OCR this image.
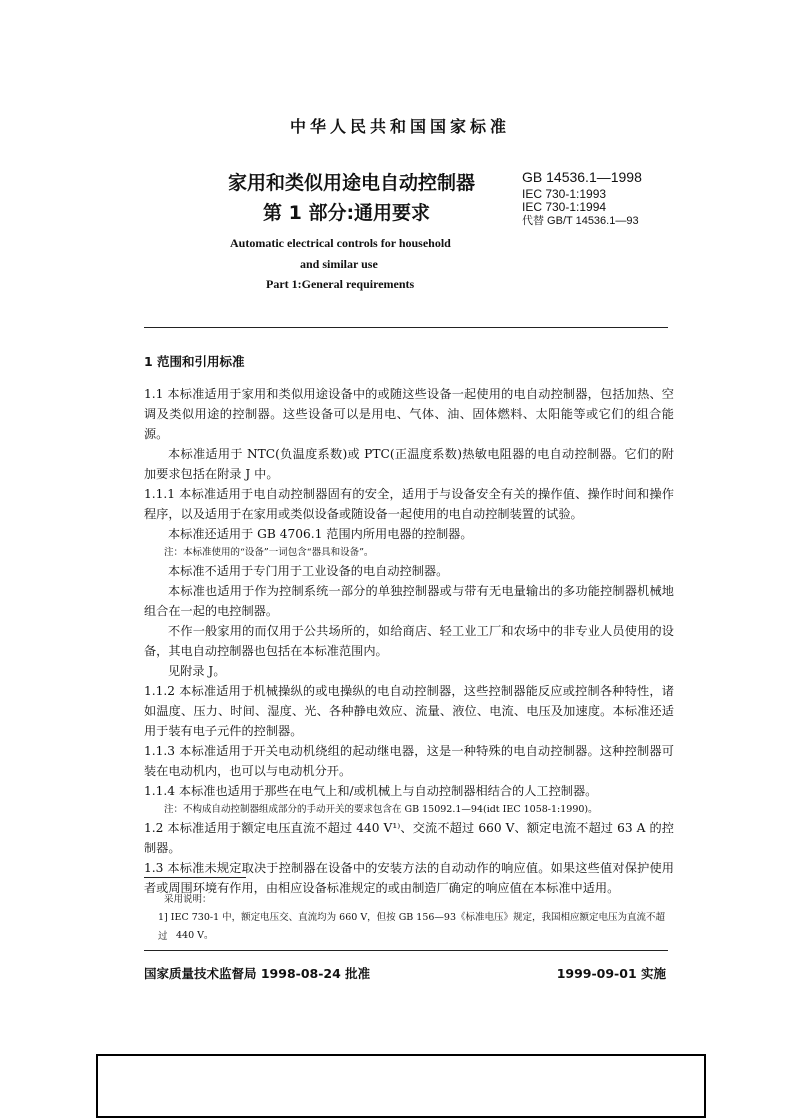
中华人民共和国国家标准
家用和类似用途电自动控制器
第 1 部分:通用要求
GB 14536.1—1998
IEC 730-1:1993
IEC 730-1:1994
代替 GB/T 14536.1—93
Automatic electrical controls for household
and similar use
Part 1:General requirements

1 范围和引用标准

1.1 本标准适用于家用和类似用途设备中的或随这些设备一起使用的电自动控制器，包括加热、空调及类似用途的控制器。这些设备可以是用电、气体、油、固体燃料、太阳能等或它们的组合能源。

本标准适用于 NTC(负温度系数)或 PTC(正温度系数)热敏电阻器的电自动控制器。它们的附加要求包括在附录 J 中。

1.1.1 本标准适用于电自动控制器固有的安全，适用于与设备安全有关的操作值、操作时间和操作程序，以及适用于在家用或类似设备或随设备一起使用的电自动控制装置的试验。

本标准还适用于 GB 4706.1 范围内所用电器的控制器。

注：本标准使用的“设备”一词包含“器具和设备”。

本标准不适用于专门用于工业设备的电自动控制器。

本标准也适用于作为控制系统一部分的单独控制器或与带有无电量输出的多功能控制器机械地组合在一起的电控制器。

不作一般家用的而仅用于公共场所的，如给商店、轻工业工厂和农场中的非专业人员使用的设备，其电自动控制器也包括在本标准范围内。

见附录 J。

1.1.2 本标准适用于机械操纵的或电操纵的电自动控制器，这些控制器能反应或控制各种特性，诸如温度、压力、时间、湿度、光、各种静电效应、流量、液位、电流、电压及加速度。本标准还适用于装有电子元件的控制器。

1.1.3 本标准适用于开关电动机绕组的起动继电器，这是一种特殊的电自动控制器。这种控制器可装在电动机内，也可以与电动机分开。

1.1.4 本标准也适用于那些在电气上和/或机械上与自动控制器相结合的人工控制器。

注：不构成自动控制器组成部分的手动开关的要求包含在 GB 15092.1—94(idt IEC 1058-1:1990)。

1.2 本标准适用于额定电压直流不超过 440 V¹⁾、交流不超过 660 V、额定电流不超过 63 A 的控制器。

1.3 本标准未规定取决于控制器在设备中的安装方法的自动动作的响应值。如果这些值对保护使用者或周围环境有作用，由相应设备标准规定的或由制造厂确定的响应值在本标准中适用。

采用说明：
1] IEC 730-1 中，额定电压交、直流均为 660 V，但按 GB 156—93《标准电压》规定，我国相应额定电压为直流不超过 440 V。
国家质量技术监督局 1998-08-24 批准	1999-09-01 实施
